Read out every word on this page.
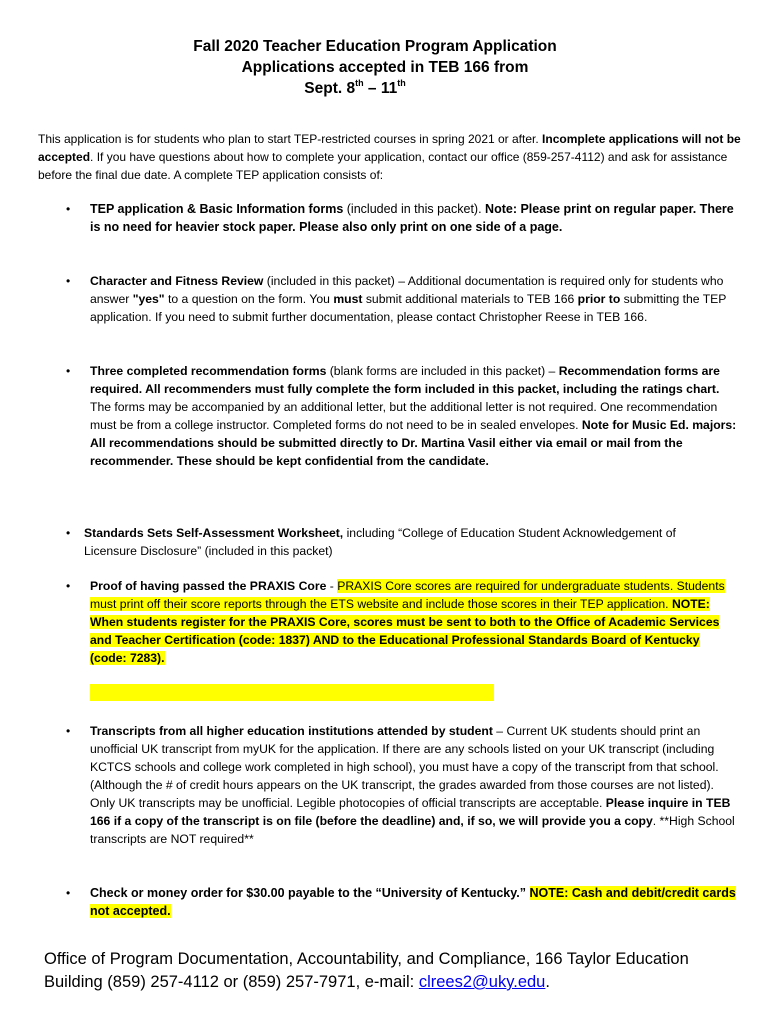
Fall 2020 Teacher Education Program Application
Applications accepted in TEB 166 from
Sept. 8th – 11th
This application is for students who plan to start TEP-restricted courses in spring 2021 or after. Incomplete applications will not be accepted. If you have questions about how to complete your application, contact our office (859-257-4112) and ask for assistance before the final due date. A complete TEP application consists of:
• TEP application & Basic Information forms (included in this packet). Note: Please print on regular paper. There is no need for heavier stock paper. Please also only print on one side of a page.
• Character and Fitness Review (included in this packet) – Additional documentation is required only for students who answer "yes" to a question on the form. You must submit additional materials to TEB 166 prior to submitting the TEP application. If you need to submit further documentation, please contact Christopher Reese in TEB 166.
• Three completed recommendation forms (blank forms are included in this packet) – Recommendation forms are required. All recommenders must fully complete the form included in this packet, including the ratings chart. The forms may be accompanied by an additional letter, but the additional letter is not required. One recommendation must be from a college instructor. Completed forms do not need to be in sealed envelopes. Note for Music Ed. majors: All recommendations should be submitted directly to Dr. Martina Vasil either via email or mail from the recommender. These should be kept confidential from the candidate.
• Standards Sets Self-Assessment Worksheet, including “College of Education Student Acknowledgement of Licensure Disclosure” (included in this packet)
• Proof of having passed the PRAXIS Core - PRAXIS Core scores are required for undergraduate students. Students must print off their score reports through the ETS website and include those scores in their TEP application. NOTE: When students register for the PRAXIS Core, scores must be sent to both to the Office of Academic Services and Teacher Certification (code: 1837) AND to the Educational Professional Standards Board of Kentucky (code: 7283).
• Transcripts from all higher education institutions attended by student – Current UK students should print an unofficial UK transcript from myUK for the application. If there are any schools listed on your UK transcript (including KCTCS schools and college work completed in high school), you must have a copy of the transcript from that school. (Although the # of credit hours appears on the UK transcript, the grades awarded from those courses are not listed). Only UK transcripts may be unofficial. Legible photocopies of official transcripts are acceptable. Please inquire in TEB 166 if a copy of the transcript is on file (before the deadline) and, if so, we will provide you a copy. **High School transcripts are NOT required**
• Check or money order for $30.00 payable to the “University of Kentucky.” NOTE: Cash and debit/credit cards not accepted.
Office of Program Documentation, Accountability, and Compliance, 166 Taylor Education Building (859) 257-4112 or (859) 257-7971, e-mail: clrees2@uky.edu.
